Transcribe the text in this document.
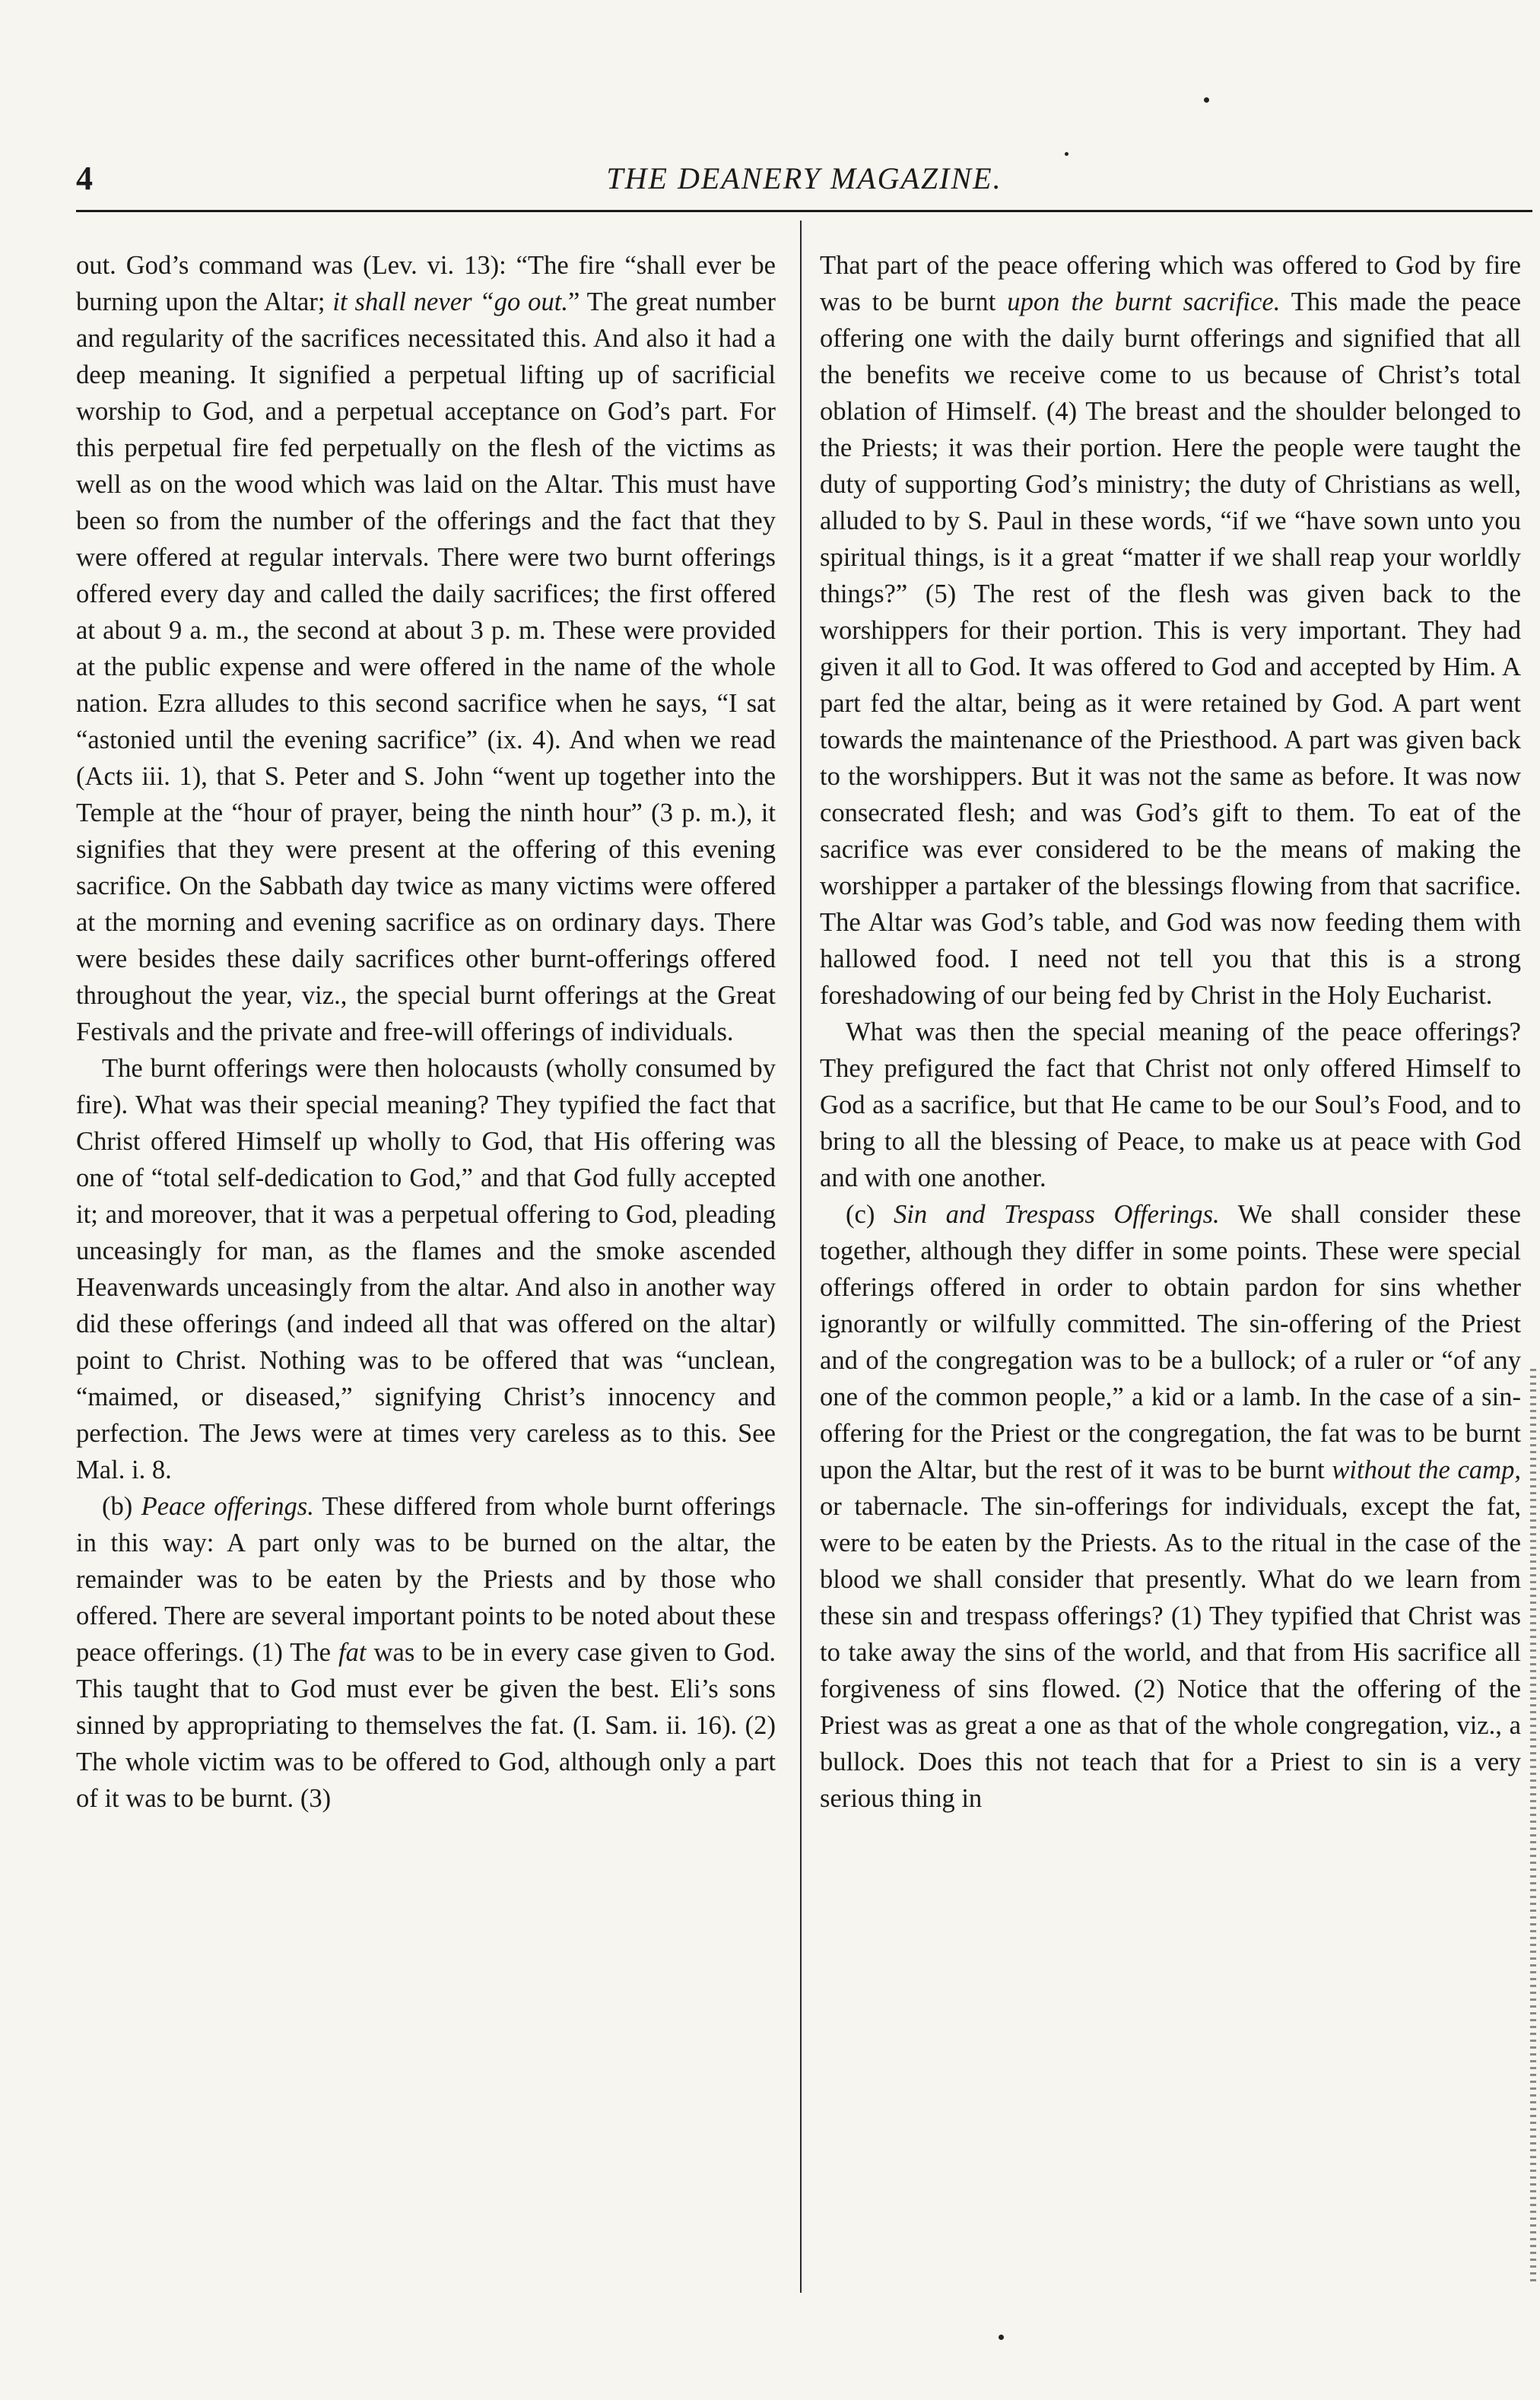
4	THE DEANERY MAGAZINE.

out. God’s command was (Lev. vi. 13): “The fire “shall ever be burning upon the Altar; it shall never “go out.” The great number and regularity of the sacrifices necessitated this. And also it had a deep meaning. It signified a perpetual lifting up of sacrificial worship to God, and a perpetual acceptance on God’s part. For this perpetual fire fed perpetually on the flesh of the victims as well as on the wood which was laid on the Altar. This must have been so from the number of the offerings and the fact that they were offered at regular intervals. There were two burnt offerings offered every day and called the daily sacrifices; the first offered at about 9 a. m., the second at about 3 p. m. These were provided at the public expense and were offered in the name of the whole nation. Ezra alludes to this second sacrifice when he says, “I sat “astonied until the evening sacrifice” (ix. 4). And when we read (Acts iii. 1), that S. Peter and S. John “went up together into the Temple at the “hour of prayer, being the ninth hour” (3 p. m.), it signifies that they were present at the offering of this evening sacrifice. On the Sabbath day twice as many victims were offered at the morning and evening sacrifice as on ordinary days. There were besides these daily sacrifices other burnt-offerings offered throughout the year, viz., the special burnt offerings at the Great Festivals and the private and free-will offerings of individuals.

The burnt offerings were then holocausts (wholly consumed by fire). What was their special meaning? They typified the fact that Christ offered Himself up wholly to God, that His offering was one of “total self-dedication to God,” and that God fully accepted it; and moreover, that it was a perpetual offering to God, pleading unceasingly for man, as the flames and the smoke ascended Heavenwards unceasingly from the altar. And also in another way did these offerings (and indeed all that was offered on the altar) point to Christ. Nothing was to be offered that was “unclean, “maimed, or diseased,” signifying Christ’s innocency and perfection. The Jews were at times very careless as to this. See Mal. i. 8.

(b) Peace offerings. These differed from whole burnt offerings in this way: A part only was to be burned on the altar, the remainder was to be eaten by the Priests and by those who offered. There are several important points to be noted about these peace offerings. (1) The fat was to be in every case given to God. This taught that to God must ever be given the best. Eli’s sons sinned by appropriating to themselves the fat. (I. Sam. ii. 16). (2) The whole victim was to be offered to God, although only a part of it was to be burnt. (3)

That part of the peace offering which was offered to God by fire was to be burnt upon the burnt sacrifice. This made the peace offering one with the daily burnt offerings and signified that all the benefits we receive come to us because of Christ’s total oblation of Himself. (4) The breast and the shoulder belonged to the Priests; it was their portion. Here the people were taught the duty of supporting God’s ministry; the duty of Christians as well, alluded to by S. Paul in these words, “if we “have sown unto you spiritual things, is it a great “matter if we shall reap your worldly things?” (5) The rest of the flesh was given back to the worshippers for their portion. This is very important. They had given it all to God. It was offered to God and accepted by Him. A part fed the altar, being as it were retained by God. A part went towards the maintenance of the Priesthood. A part was given back to the worshippers. But it was not the same as before. It was now consecrated flesh; and was God’s gift to them. To eat of the sacrifice was ever considered to be the means of making the worshipper a partaker of the blessings flowing from that sacrifice. The Altar was God’s table, and God was now feeding them with hallowed food. I need not tell you that this is a strong foreshadowing of our being fed by Christ in the Holy Eucharist.

What was then the special meaning of the peace offerings? They prefigured the fact that Christ not only offered Himself to God as a sacrifice, but that He came to be our Soul’s Food, and to bring to all the blessing of Peace, to make us at peace with God and with one another.

(c) Sin and Trespass Offerings. We shall consider these together, although they differ in some points. These were special offerings offered in order to obtain pardon for sins whether ignorantly or wilfully committed. The sin-offering of the Priest and of the congregation was to be a bullock; of a ruler or “of any one of the common people,” a kid or a lamb. In the case of a sin-offering for the Priest or the congregation, the fat was to be burnt upon the Altar, but the rest of it was to be burnt without the camp, or tabernacle. The sin-offerings for individuals, except the fat, were to be eaten by the Priests. As to the ritual in the case of the blood we shall consider that presently. What do we learn from these sin and trespass offerings? (1) They typified that Christ was to take away the sins of the world, and that from His sacrifice all forgiveness of sins flowed. (2) Notice that the offering of the Priest was as great a one as that of the whole congregation, viz., a bullock. Does this not teach that for a Priest to sin is a very serious thing in
